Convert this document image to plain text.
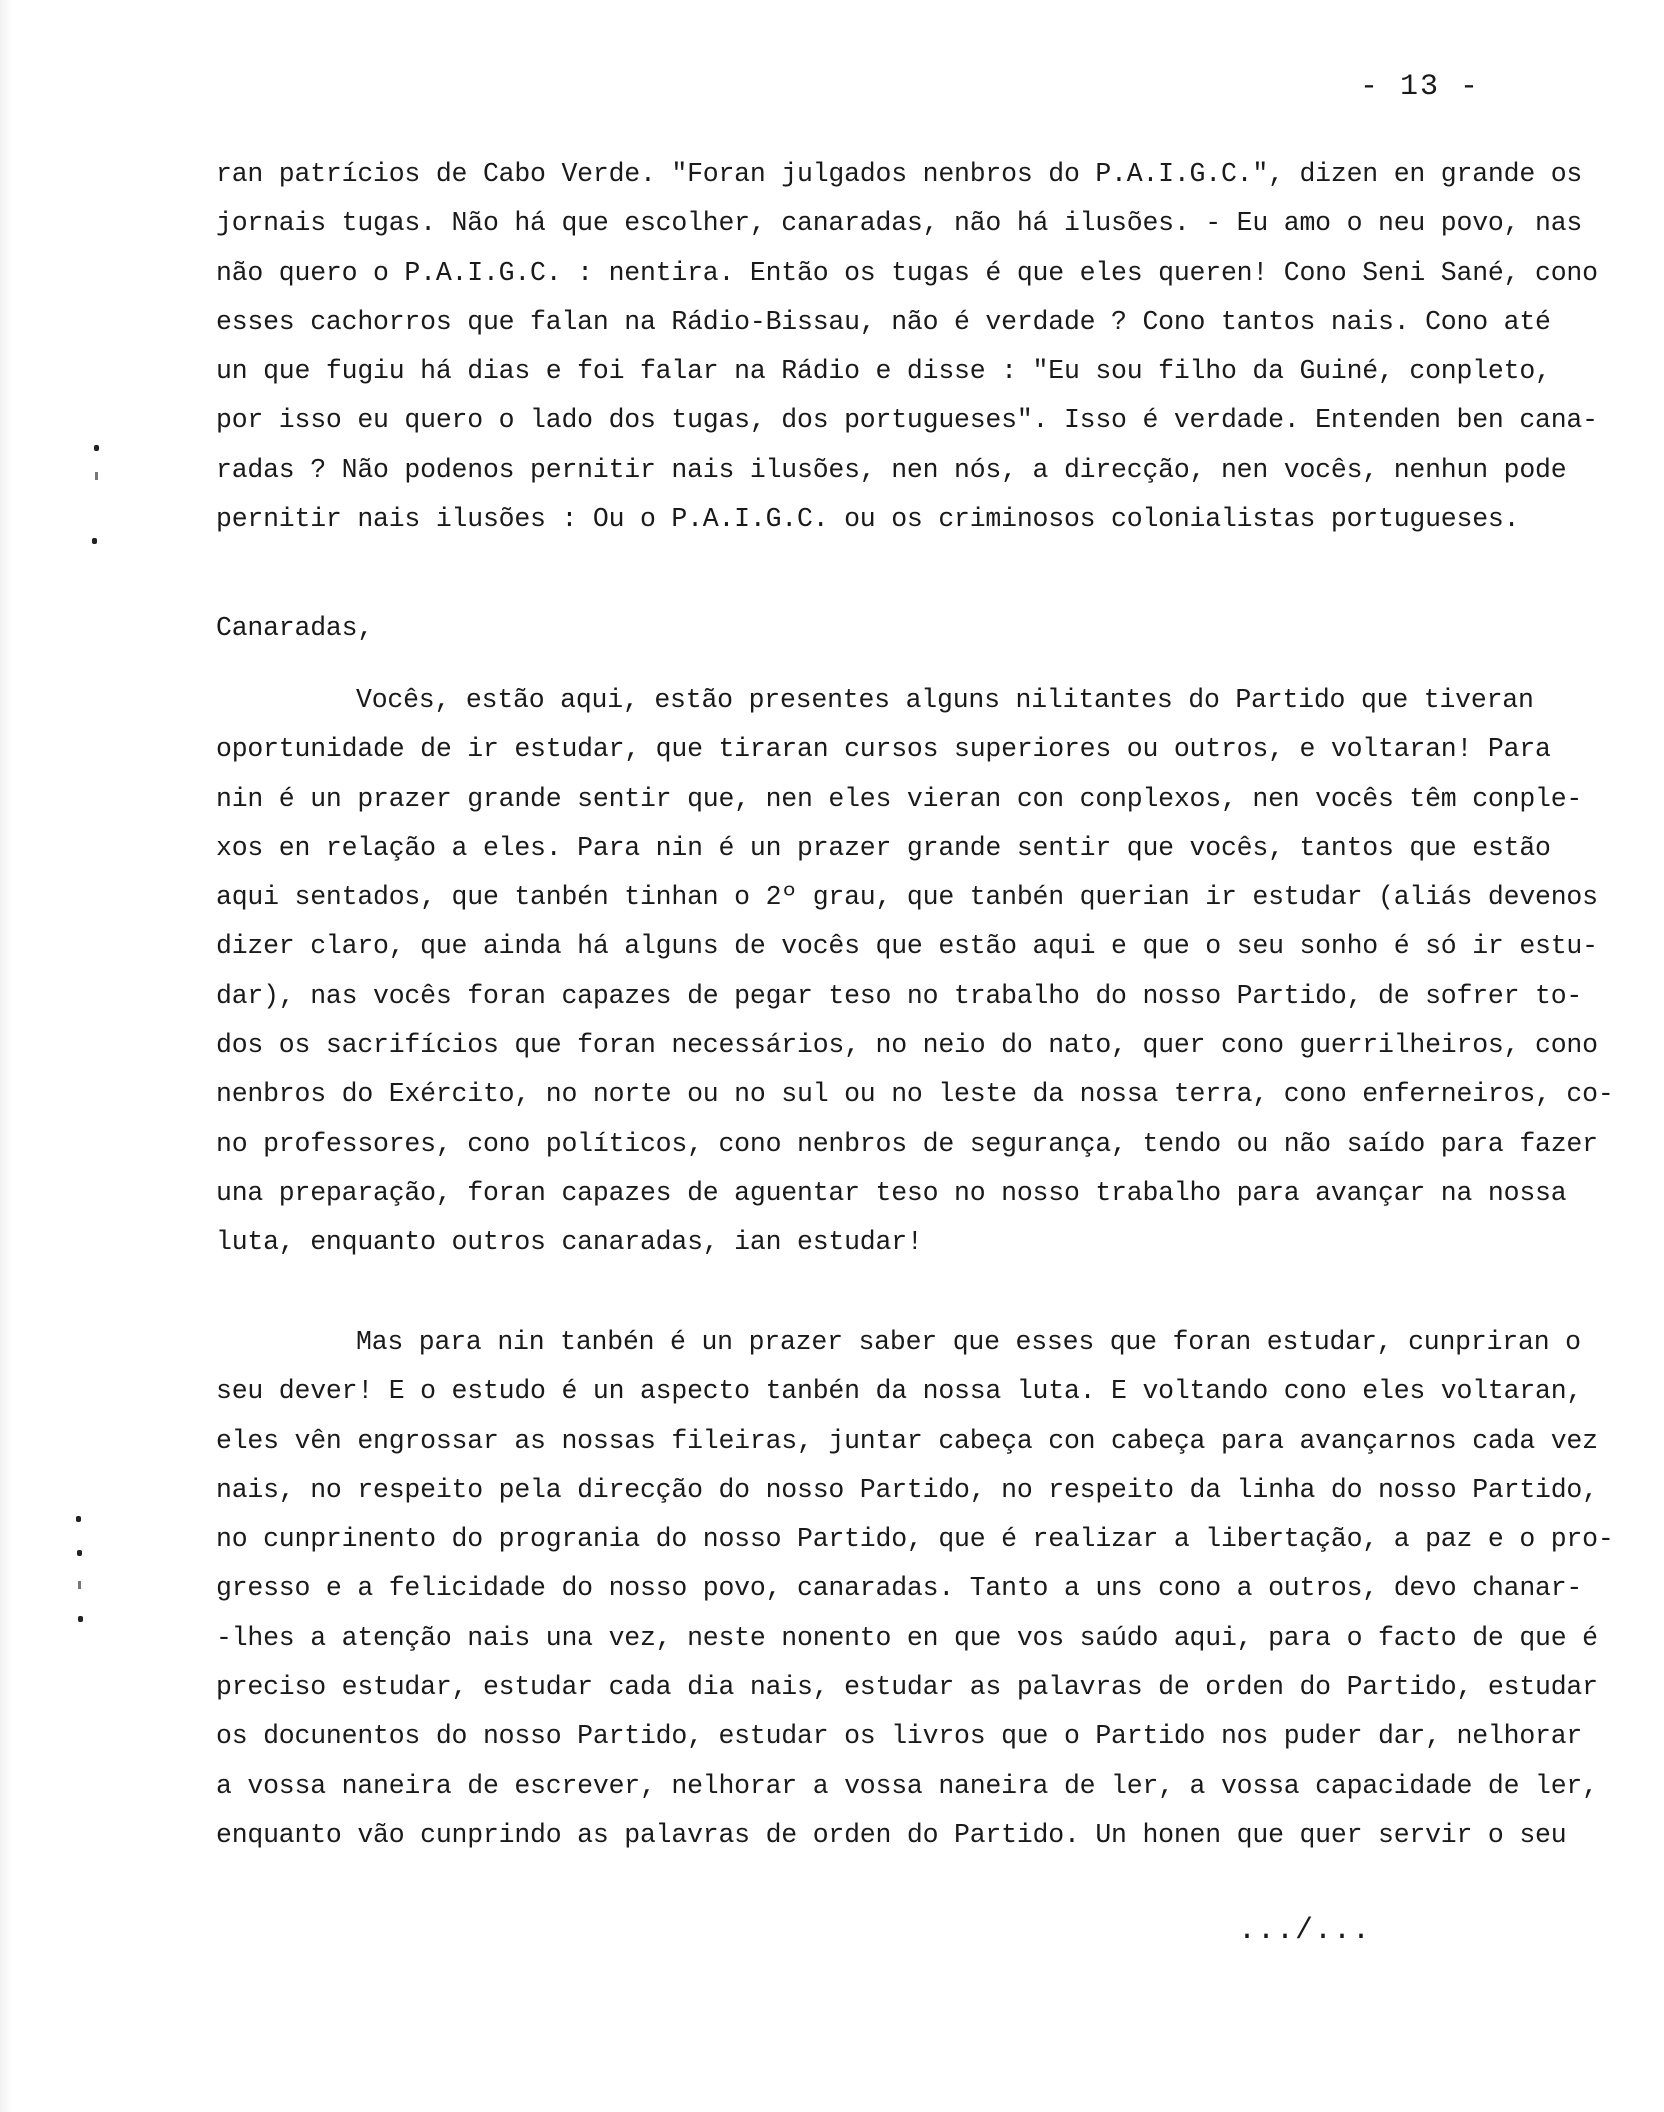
- 13 -
ran patrícios de Cabo Verde. "Foran julgados nenbros do P.A.I.G.C.", dizen en grande os
jornais tugas. Não há que escolher, canaradas, não há ilusões. - Eu amo o neu povo, nas
não quero o P.A.I.G.C. : nentira. Então os tugas é que eles queren! Cono Seni Sané, cono
esses cachorros que falan na Rádio-Bissau, não é verdade ? Cono tantos nais. Cono até
un que fugiu há dias e foi falar na Rádio e disse : "Eu sou filho da Guiné, conpleto,
por isso eu quero o lado dos tugas, dos portugueses". Isso é verdade. Entenden ben cana-
radas ? Não podenos pernitir nais ilusões, nen nós, a direcção, nen vocês, nenhun pode
pernitir nais ilusões : Ou o P.A.I.G.C. ou os criminosos colonialistas portugueses.
Canaradas,
Vocês, estão aqui, estão presentes alguns nilitantes do Partido que tiveran
oportunidade de ir estudar, que tiraran cursos superiores ou outros, e voltaran! Para
nin é un prazer grande sentir que, nen eles vieran con conplexos, nen vocês têm conple-
xos en relação a eles. Para nin é un prazer grande sentir que vocês, tantos que estão
aqui sentados, que tanbén tinhan o 2º grau, que tanbén querian ir estudar (aliás devenos
dizer claro, que ainda há alguns de vocês que estão aqui e que o seu sonho é só ir estu-
dar), nas vocês foran capazes de pegar teso no trabalho do nosso Partido, de sofrer to-
dos os sacrifícios que foran necessários, no neio do nato, quer cono guerrilheiros, cono
nenbros do Exército, no norte ou no sul ou no leste da nossa terra, cono enferneiros, co-
no professores, cono políticos, cono nenbros de segurança, tendo ou não saído para fazer
una preparação, foran capazes de aguentar teso no nosso trabalho para avançar na nossa
luta, enquanto outros canaradas, ian estudar!
Mas para nin tanbén é un prazer saber que esses que foran estudar, cunpriran o
seu dever! E o estudo é un aspecto tanbén da nossa luta. E voltando cono eles voltaran,
eles vên engrossar as nossas fileiras, juntar cabeça con cabeça para avançarnos cada vez
nais, no respeito pela direcção do nosso Partido, no respeito da linha do nosso Partido,
no cunprinento do progrania do nosso Partido, que é realizar a libertação, a paz e o pro-
gresso e a felicidade do nosso povo, canaradas. Tanto a uns cono a outros, devo chanar-
-lhes a atenção nais una vez, neste nonento en que vos saúdo aqui, para o facto de que é
preciso estudar, estudar cada dia nais, estudar as palavras de orden do Partido, estudar
os docunentos do nosso Partido, estudar os livros que o Partido nos puder dar, nelhorar
a vossa naneira de escrever, nelhorar a vossa naneira de ler, a vossa capacidade de ler,
enquanto vão cunprindo as palavras de orden do Partido. Un honen que quer servir o seu
.../...
